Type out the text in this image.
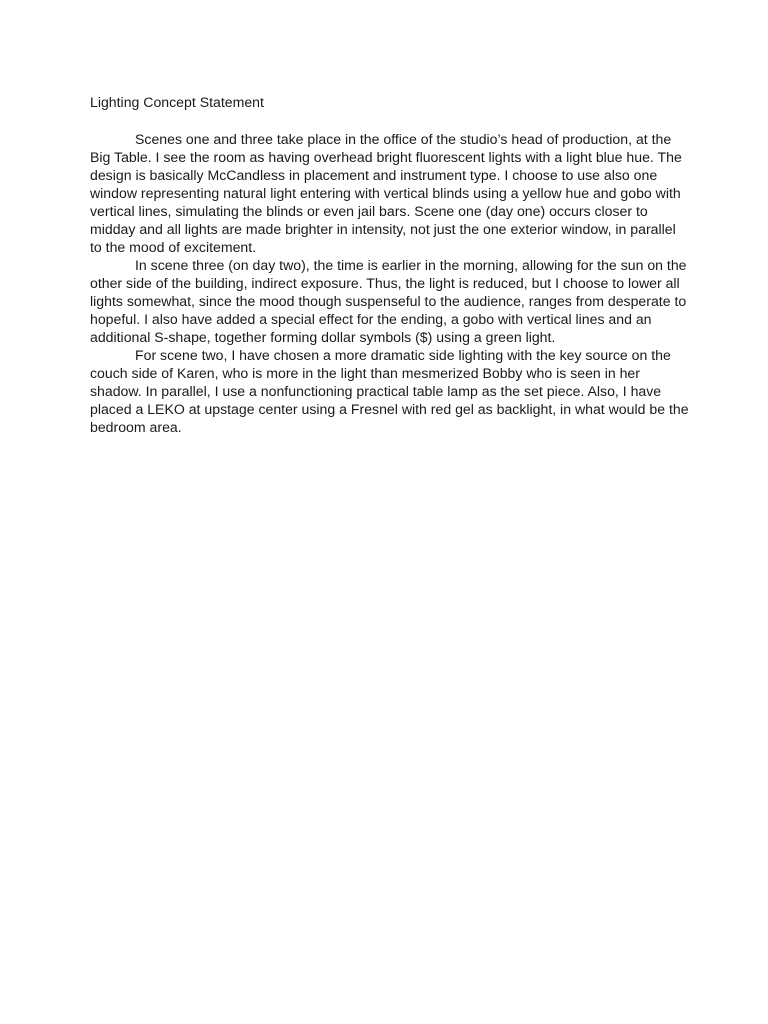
Lighting Concept Statement

Scenes one and three take place in the office of the studio’s head of production, at the Big Table. I see the room as having overhead bright fluorescent lights with a light blue hue. The design is basically McCandless in placement and instrument type. I choose to use also one window representing natural light entering with vertical blinds using a yellow hue and gobo with vertical lines, simulating the blinds or even jail bars. Scene one (day one) occurs closer to midday and all lights are made brighter in intensity, not just the one exterior window, in parallel to the mood of excitement.

In scene three (on day two), the time is earlier in the morning, allowing for the sun on the other side of the building, indirect exposure. Thus, the light is reduced, but I choose to lower all lights somewhat, since the mood though suspenseful to the audience, ranges from desperate to hopeful. I also have added a special effect for the ending, a gobo with vertical lines and an additional S-shape, together forming dollar symbols ($) using a green light.

For scene two, I have chosen a more dramatic side lighting with the key source on the couch side of Karen, who is more in the light than mesmerized Bobby who is seen in her shadow. In parallel, I use a nonfunctioning practical table lamp as the set piece. Also, I have placed a LEKO at upstage center using a Fresnel with red gel as backlight, in what would be the bedroom area.
